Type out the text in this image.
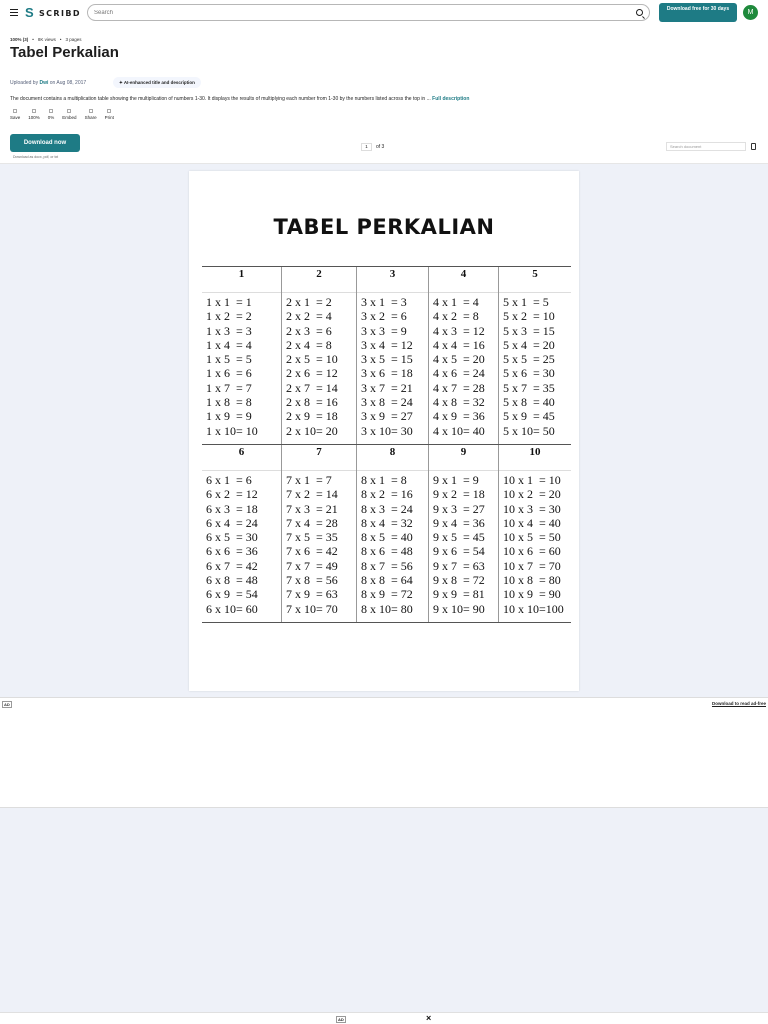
S SCRIBD
Search	Download free for 30 days	M
100% (3) • 8K views • 3 pages
Tabel Perkalian
Uploaded by Dwi on Aug 08, 2017	✦ AI-enhanced title and description
The document contains a multiplication table showing the multiplication of numbers 1-30. It displays the results of multiplying each number from 1-30 by the numbers listed across the top in ... Full description
Save 100% 0% Embed Share Print
Download now
Download as docx, pdf, or txt
1	of 3	Search document
TABEL PERKALIAN
1
1 x 1  = 1
1 x 2  = 2
1 x 3  = 3
1 x 4  = 4
1 x 5  = 5
1 x 6  = 6
1 x 7  = 7
1 x 8  = 8
1 x 9  = 9
1 x 10= 10
2
2 x 1  = 2
2 x 2  = 4
2 x 3  = 6
2 x 4  = 8
2 x 5  = 10
2 x 6  = 12
2 x 7  = 14
2 x 8  = 16
2 x 9  = 18
2 x 10= 20
3
3 x 1  = 3
3 x 2  = 6
3 x 3  = 9
3 x 4  = 12
3 x 5  = 15
3 x 6  = 18
3 x 7  = 21
3 x 8  = 24
3 x 9  = 27
3 x 10= 30
4
4 x 1  = 4
4 x 2  = 8
4 x 3  = 12
4 x 4  = 16
4 x 5  = 20
4 x 6  = 24
4 x 7  = 28
4 x 8  = 32
4 x 9  = 36
4 x 10= 40
5
5 x 1  = 5
5 x 2  = 10
5 x 3  = 15
5 x 4  = 20
5 x 5  = 25
5 x 6  = 30
5 x 7  = 35
5 x 8  = 40
5 x 9  = 45
5 x 10= 50
6
6 x 1  = 6
6 x 2  = 12
6 x 3  = 18
6 x 4  = 24
6 x 5  = 30
6 x 6  = 36
6 x 7  = 42
6 x 8  = 48
6 x 9  = 54
6 x 10= 60
7
7 x 1  = 7
7 x 2  = 14
7 x 3  = 21
7 x 4  = 28
7 x 5  = 35
7 x 6  = 42
7 x 7  = 49
7 x 8  = 56
7 x 9  = 63
7 x 10= 70
8
8 x 1  = 8
8 x 2  = 16
8 x 3  = 24
8 x 4  = 32
8 x 5  = 40
8 x 6  = 48
8 x 7  = 56
8 x 8  = 64
8 x 9  = 72
8 x 10= 80
9
9 x 1  = 9
9 x 2  = 18
9 x 3  = 27
9 x 4  = 36
9 x 5  = 45
9 x 6  = 54
9 x 7  = 63
9 x 8  = 72
9 x 9  = 81
9 x 10= 90
10
10 x 1  = 10
10 x 2  = 20
10 x 3  = 30
10 x 4  = 40
10 x 5  = 50
10 x 6  = 60
10 x 7  = 70
10 x 8  = 80
10 x 9  = 90
10 x 10=100
AD	Download to read ad-free
AD	×
